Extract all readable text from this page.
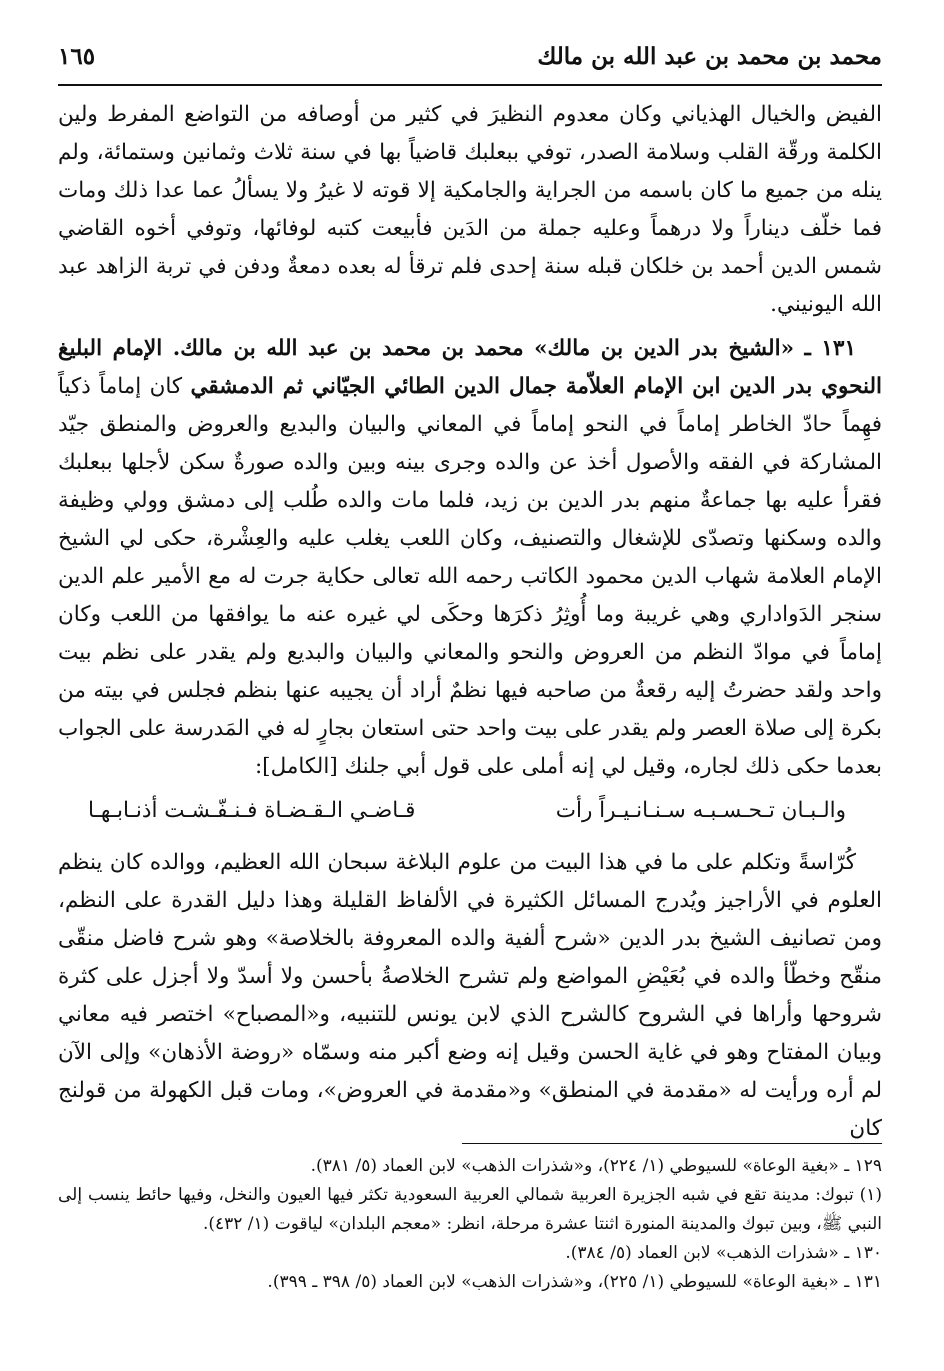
محمد بن محمد بن عبد الله بن مالك
١٦٥

الفيض والخيال الهذياني وكان معدوم النظيرَ في كثير من أوصافه من التواضع المفرط ولين الكلمة ورقّة القلب وسلامة الصدر، توفي ببعلبك قاضياً بها في سنة ثلاث وثمانين وستمائة، ولم ينله من جميع ما كان باسمه من الجراية والجامكية إلا قوته لا غيرُ ولا يسألُ عما عدا ذلك ومات فما خلّف ديناراً ولا درهماً وعليه جملة من الدَين فأبيعت كتبه لوفائها، وتوفي أخوه القاضي شمس الدين أحمد بن خلكان قبله سنة إحدى فلم ترقأ له بعده دمعةٌ ودفن في تربة الزاهد عبد الله اليونيني.

١٣١ ـ «الشيخ بدر الدين بن مالك» محمد بن محمد بن عبد الله بن مالك. الإمام البليغ النحوي بدر الدين ابن الإمام العلاّمة جمال الدين الطائي الجيّاني ثم الدمشقي كان إماماً ذكياً فهِماً حادّ الخاطر إماماً في النحو إماماً في المعاني والبيان والبديع والعروض والمنطق جيّد المشاركة في الفقه والأصول أخذ عن والده وجرى بينه وبين والده صورةٌ سكن لأجلها ببعلبك فقرأ عليه بها جماعةٌ منهم بدر الدين بن زيد، فلما مات والده طُلب إلى دمشق وولي وظيفة والده وسكنها وتصدّى للإشغال والتصنيف، وكان اللعب يغلب عليه والعِشْرة، حكى لي الشيخ الإمام العلامة شهاب الدين محمود الكاتب رحمه الله تعالى حكاية جرت له مع الأمير علم الدين سنجر الدَواداري وهي غريبة وما أُوثِرُ ذكرَها وحكَى لي غيره عنه ما يوافقها من اللعب وكان إماماً في موادّ النظم من العروض والنحو والمعاني والبيان والبديع ولم يقدر على نظم بيت واحد ولقد حضرتُ إليه رقعةٌ من صاحبه فيها نظمٌ أراد أن يجيبه عنها بنظم فجلس في بيته من بكرة إلى صلاة العصر ولم يقدر على بيت واحد حتى استعان بجارٍ له في المَدرسة على الجواب بعدما حكى ذلك لجاره، وقيل لي إنه أملى على قول أبي جلنك [الكامل]:

والـبـان تـحـسـبـه سـنـانـيـراً رأت
قـاضـي الـقـضـاة فـنـفّـشـت أذنـابـهـا

كُرّاسةً وتكلم على ما في هذا البيت من علوم البلاغة سبحان الله العظيم، ووالده كان ينظم العلوم في الأراجيز ويُدرج المسائل الكثيرة في الألفاظ القليلة وهذا دليل القدرة على النظم، ومن تصانيف الشيخ بدر الدين «شرح ألفية والده المعروفة بالخلاصة» وهو شرح فاضل منقّى منقّح وخطّأ والده في بُعَيْضِ المواضع ولم تشرح الخلاصةُ بأحسن ولا أسدّ ولا أجزل على كثرة شروحها وأراها في الشروح كالشرح الذي لابن يونس للتنبيه، و«المصباح» اختصر فيه معاني وبيان المفتاح وهو في غاية الحسن وقيل إنه وضع أكبر منه وسمّاه «روضة الأذهان» وإلى الآن لم أره ورأيت له «مقدمة في المنطق» و«مقدمة في العروض»، ومات قبل الكهولة من قولنج كان

١٢٩ ـ «بغية الوعاة» للسيوطي (١/ ٢٢٤)، و«شذرات الذهب» لابن العماد (٥/ ٣٨١).

(١) تبوك: مدينة تقع في شبه الجزيرة العربية شمالي العربية السعودية تكثر فيها العيون والنخل، وفيها حائط ينسب إلى النبي ﷺ، وبين تبوك والمدينة المنورة اثنتا عشرة مرحلة، انظر: «معجم البلدان» لياقوت (١/ ٤٣٢).

١٣٠ ـ «شذرات الذهب» لابن العماد (٥/ ٣٨٤).

١٣١ ـ «بغية الوعاة» للسيوطي (١/ ٢٢٥)، و«شذرات الذهب» لابن العماد (٥/ ٣٩٨ ـ ٣٩٩).
